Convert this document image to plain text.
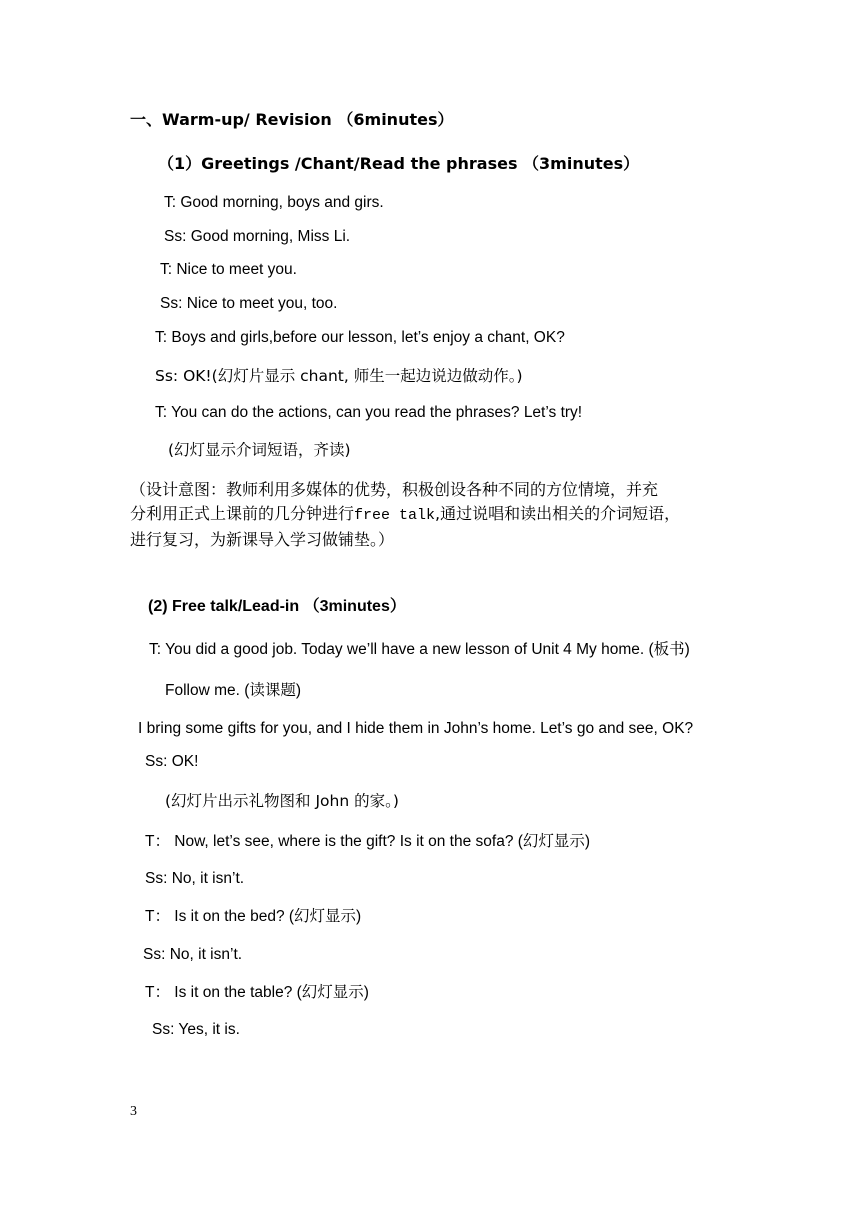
一、Warm-up/ Revision （6minutes）
（1）Greetings /Chant/Read the phrases （3minutes）
T: Good morning, boys and girs.
Ss: Good morning, Miss Li.
T: Nice to meet you.
Ss: Nice to meet you, too.
T: Boys and girls,before our lesson, let’s enjoy a chant, OK?
Ss: OK!(幻灯片显示 chant, 师生一起边说边做动作。)
T: You can do the actions, can you read the phrases? Let’s try!
(幻灯显示介词短语，齐读)
（设计意图：教师利用多媒体的优势，积极创设各种不同的方位情境，并充
分利用正式上课前的几分钟进行free talk,通过说唱和读出相关的介词短语，
进行复习，为新课导入学习做铺垫。）
(2) Free talk/Lead-in （3minutes）
T: You did a good job. Today we’ll have a new lesson of Unit 4 My home. (板书)
Follow me. (读课题)
I bring some gifts for you, and I hide them in John’s home. Let’s go and see, OK?
Ss: OK!
(幻灯片出示礼物图和 John 的家。)
T： Now, let’s see, where is the gift? Is it on the sofa? (幻灯显示)
Ss: No, it isn’t.
T： Is it on the bed? (幻灯显示)
Ss: No, it isn’t.
T： Is it on the table? (幻灯显示)
Ss: Yes, it is.
3
